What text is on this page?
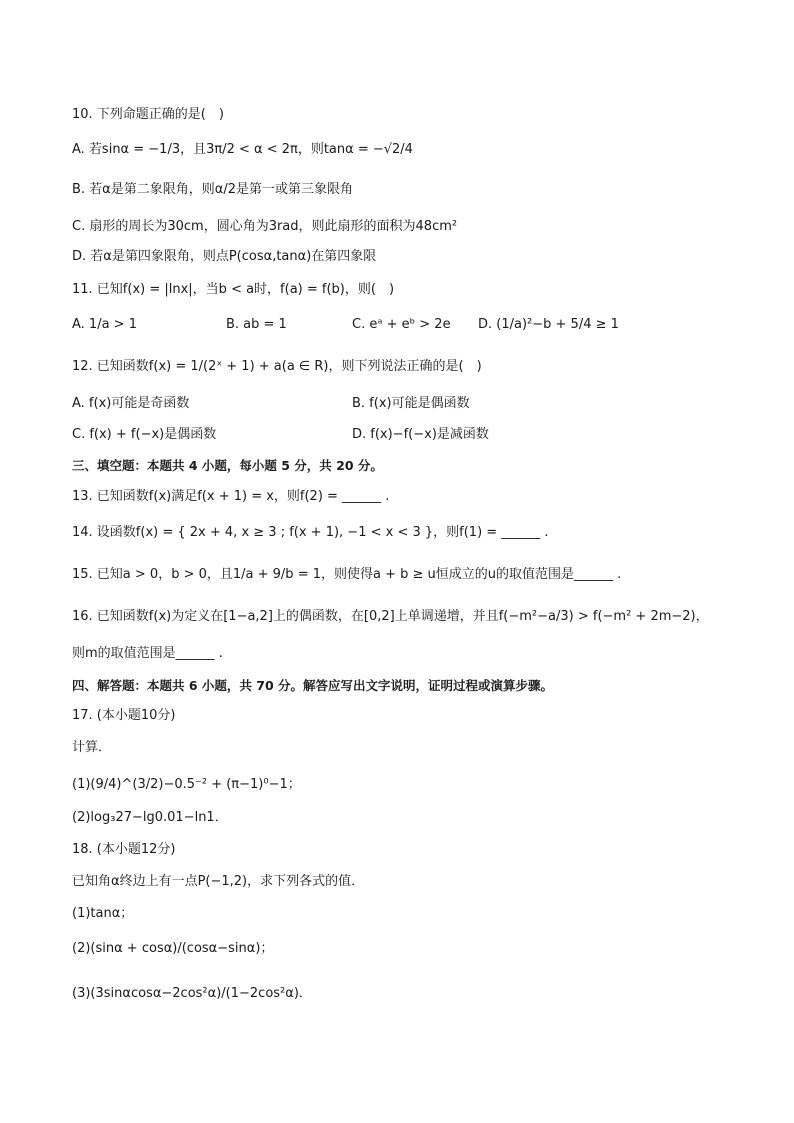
10. 下列命题正确的是(　)
A. 若sinα = −1/3，且3π/2 < α < 2π，则tanα = −√2/4
B. 若α是第二象限角，则α/2是第一或第三象限角
C. 扇形的周长为30cm，圆心角为3rad，则此扇形的面积为48cm²
D. 若α是第四象限角，则点P(cosα,tanα)在第四象限
11. 已知f(x) = |lnx|，当b < a时，f(a) = f(b)，则(　)
A. 1/a > 1	B. ab = 1	C. eᵃ + eᵇ > 2e D. (1/a)²−b + 5/4 ≥ 1
12. 已知函数f(x) = 1/(2ˣ + 1) + a(a ∈ R)，则下列说法正确的是(　)
A. f(x)可能是奇函数	B. f(x)可能是偶函数
C. f(x) + f(−x)是偶函数	D. f(x)−f(−x)是减函数
三、填空题：本题共 4 小题，每小题 5 分，共 20 分。
13. 已知函数f(x)满足f(x + 1) = x，则f(2) = ______ .
14. 设函数f(x) = { 2x + 4, x ≥ 3 ; f(x + 1), −1 < x < 3 }，则f(1) = ______ .
15. 已知a > 0，b > 0，且1/a + 9/b = 1，则使得a + b ≥ u恒成立的u的取值范围是______ .
16. 已知函数f(x)为定义在[1−a,2]上的偶函数，在[0,2]上单调递增，并且f(−m²−a/3) > f(−m² + 2m−2)，
则m的取值范围是______ .
四、解答题：本题共 6 小题，共 70 分。解答应写出文字说明，证明过程或演算步骤。
17. (本小题10分)
计算．
(1)(9/4)^(3/2)−0.5⁻² + (π−1)⁰−1；
(2)log₃27−lg0.01−ln1．
18. (本小题12分)
已知角α终边上有一点P(−1,2)，求下列各式的值．
(1)tanα；
(2)(sinα + cosα)/(cosα−sinα)；
(3)(3sinαcosα−2cos²α)/(1−2cos²α)．
